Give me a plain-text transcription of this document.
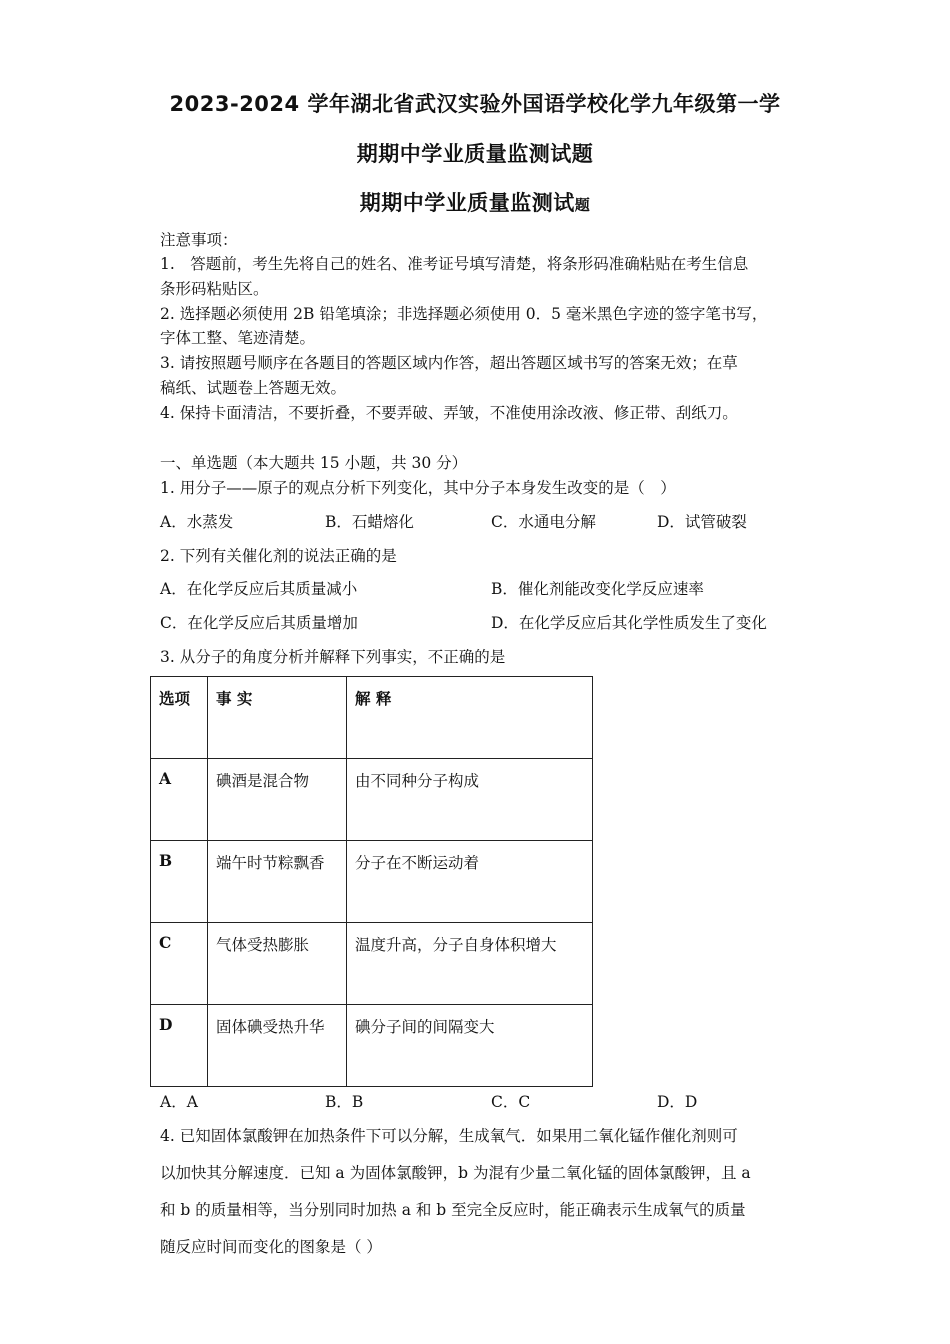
2023-2024 学年湖北省武汉实验外国语学校化学九年级第一学
期期中学业质量监测试题
期期中学业质量监测试题
注意事项：
1.　答题前，考生先将自己的姓名、准考证号填写清楚，将条形码准确粘贴在考生信息
条形码粘贴区。
2. 选择题必须使用 2B 铅笔填涂；非选择题必须使用 0．5 毫米黑色字迹的签字笔书写，
字体工整、笔迹清楚。
3. 请按照题号顺序在各题目的答题区域内作答，超出答题区域书写的答案无效；在草
稿纸、试题卷上答题无效。
4. 保持卡面清洁，不要折叠，不要弄破、弄皱，不准使用涂改液、修正带、刮纸刀。
一、单选题（本大题共 15 小题，共 30 分）
1. 用分子——原子的观点分析下列变化，其中分子本身发生改变的是（　）
A．水蒸发	B．石蜡熔化	C．水通电分解	D．试管破裂
2. 下列有关催化剂的说法正确的是
A．在化学反应后其质量减小	B．催化剂能改变化学反应速率
C．在化学反应后其质量增加	D．在化学反应后其化学性质发生了变化
3. 从分子的角度分析并解释下列事实，不正确的是
选项	事 实	解 释
A	碘酒是混合物	由不同种分子构成
B	端午时节粽飘香	分子在不断运动着
C	气体受热膨胀	温度升高，分子自身体积增大
D	固体碘受热升华	碘分子间的间隔变大
A．A	B．B	C．C	D．D
4. 已知固体氯酸钾在加热条件下可以分解，生成氧气．如果用二氧化锰作催化剂则可
以加快其分解速度．已知 a 为固体氯酸钾，b 为混有少量二氧化锰的固体氯酸钾，且 a
和 b 的质量相等，当分别同时加热 a 和 b 至完全反应时，能正确表示生成氧气的质量
随反应时间而变化的图象是（ ）
